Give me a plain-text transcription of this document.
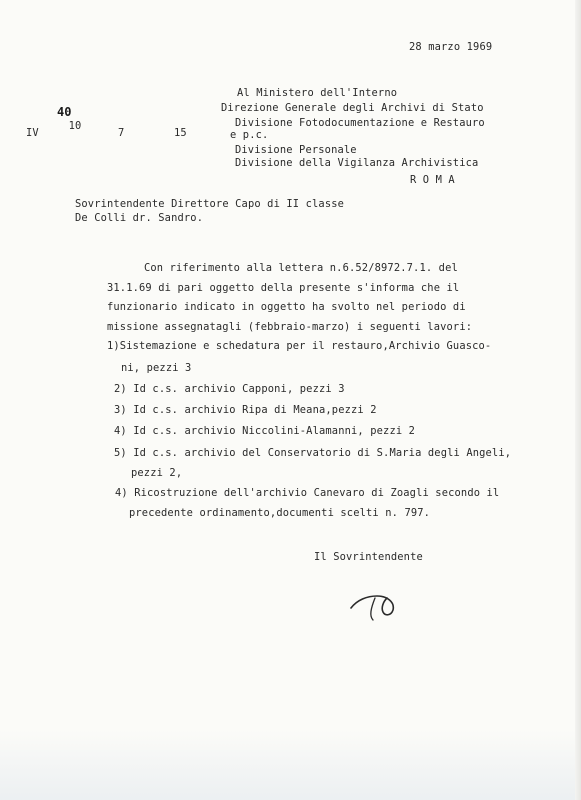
28 marzo 1969
Al Ministero dell'Interno
Direzione Generale degli Archivi di Stato

10

40
Divisione Fotodocumentazione e Restauro
IV	7	15	e p.c.
Divisione Personale
Divisione della Vigilanza Archivistica
R O M A
Sovrintendente Direttore Capo di II classe
De Colli dr. Sandro.
Con riferimento alla lettera n.6.52/8972.7.1. del
31.1.69 di pari oggetto della presente s'informa che il
funzionario indicato in oggetto ha svolto nel periodo di
missione assegnatagli (febbraio-marzo) i seguenti lavori:
1)Sistemazione e schedatura per il restauro,Archivio Guasco-
ni, pezzi 3
2) Id c.s. archivio Capponi, pezzi 3
3) Id c.s. archivio Ripa di Meana,pezzi 2
4) Id c.s. archivio Niccolini-Alamanni, pezzi 2
5) Id c.s. archivio del Conservatorio di S.Maria degli Angeli,
pezzi 2,
4) Ricostruzione dell'archivio Canevaro di Zoagli secondo il
precedente ordinamento,documenti scelti n. 797.
Il Sovrintendente
